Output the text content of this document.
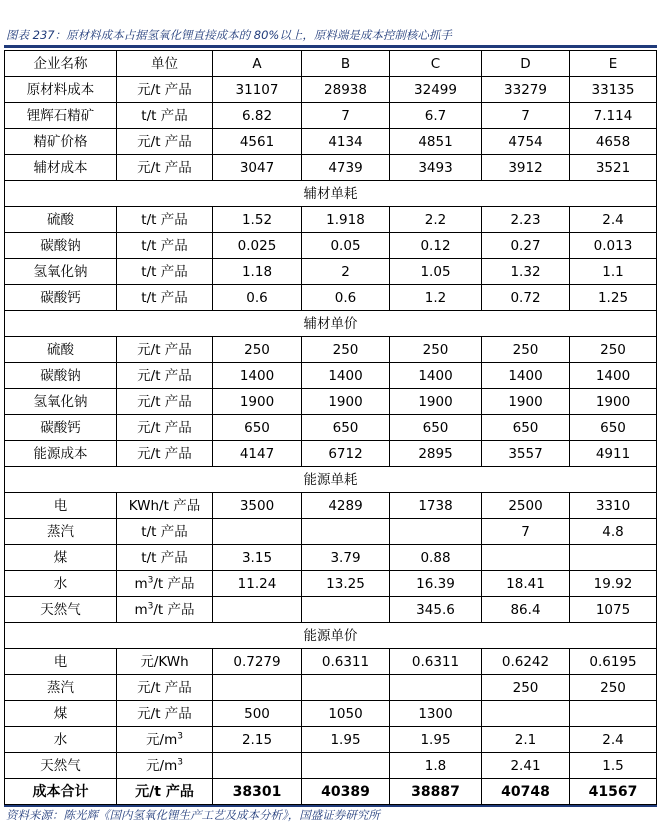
图表 237：原材料成本占据氢氧化锂直接成本的 80%以上，原料端是成本控制核心抓手
企业名称	单位	A	B	C	D	E
原材料成本	元/t 产品	31107	28938	32499	33279	33135
锂辉石精矿	t/t 产品	6.82	7	6.7	7	7.114
精矿价格	元/t 产品	4561	4134	4851	4754	4658
辅材成本	元/t 产品	3047	4739	3493	3912	3521
辅材单耗						
硫酸	t/t 产品	1.52	1.918	2.2	2.23	2.4
碳酸钠	t/t 产品	0.025	0.05	0.12	0.27	0.013
氢氧化钠	t/t 产品	1.18	2	1.05	1.32	1.1
碳酸钙	t/t 产品	0.6	0.6	1.2	0.72	1.25
辅材单价						
硫酸	元/t 产品	250	250	250	250	250
碳酸钠	元/t 产品	1400	1400	1400	1400	1400
氢氧化钠	元/t 产品	1900	1900	1900	1900	1900
碳酸钙	元/t 产品	650	650	650	650	650
能源成本	元/t 产品	4147	6712	2895	3557	4911
能源单耗						
电	KWh/t 产品	3500	4289	1738	2500	3310
蒸汽	t/t 产品				7	4.8
煤	t/t 产品	3.15	3.79	0.88		
水	$m^3/t$ 产品	11.24	13.25	16.39	18.41	19.92
天然气	$m^3/t$ 产品			345.6	86.4	1075
能源单价						
电	元/KWh	0.7279	0.6311	0.6311	0.6242	0.6195
蒸汽	元/t 产品				250	250
煤	元/t 产品	500	1050	1300		
水	元$/m^3$	2.15	1.95	1.95	2.1	2.4
天然气	元$/m^3$			1.8	2.41	1.5
成本合计	元/t 产品	38301	40389	38887	40748	41567
资料来源：陈光辉《国内氢氧化锂生产工艺及成本分析》，国盛证券研究所
